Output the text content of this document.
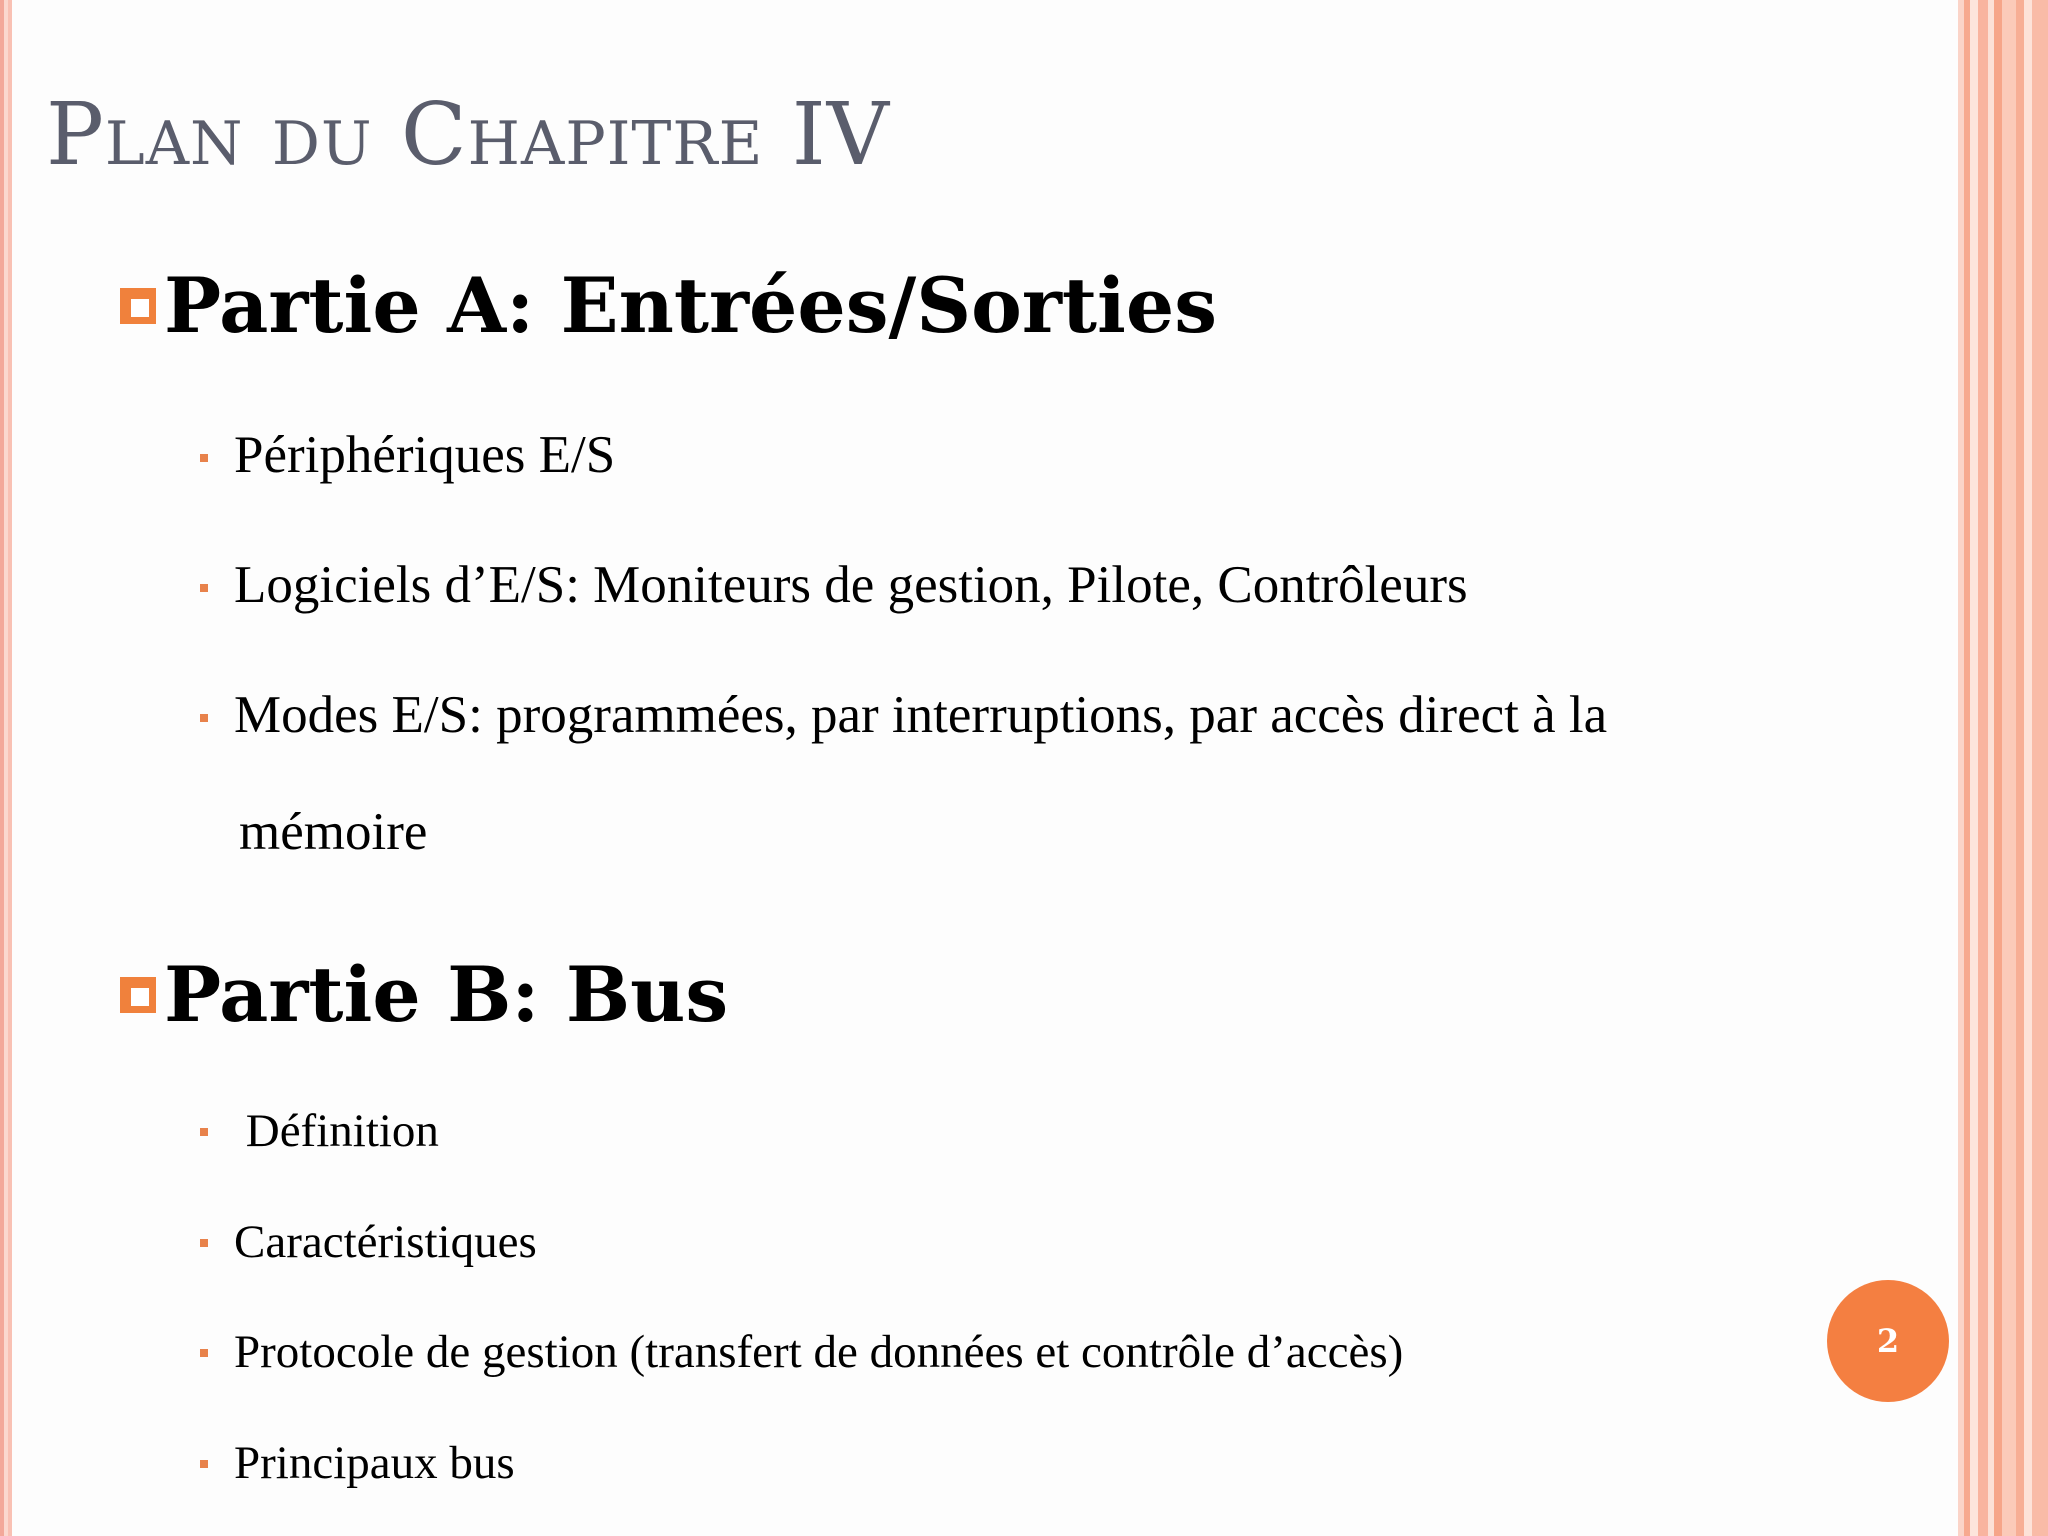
Plan du Chapitre IV
Partie A: Entrées/Sorties
Périphériques E/S
Logiciels d’E/S: Moniteurs de gestion, Pilote, Contrôleurs
Modes E/S: programmées, par interruptions, par accès direct à la
mémoire
Partie B: Bus
Définition
Caractéristiques
Protocole de gestion (transfert de données et contrôle d’accès)
Principaux bus
2
